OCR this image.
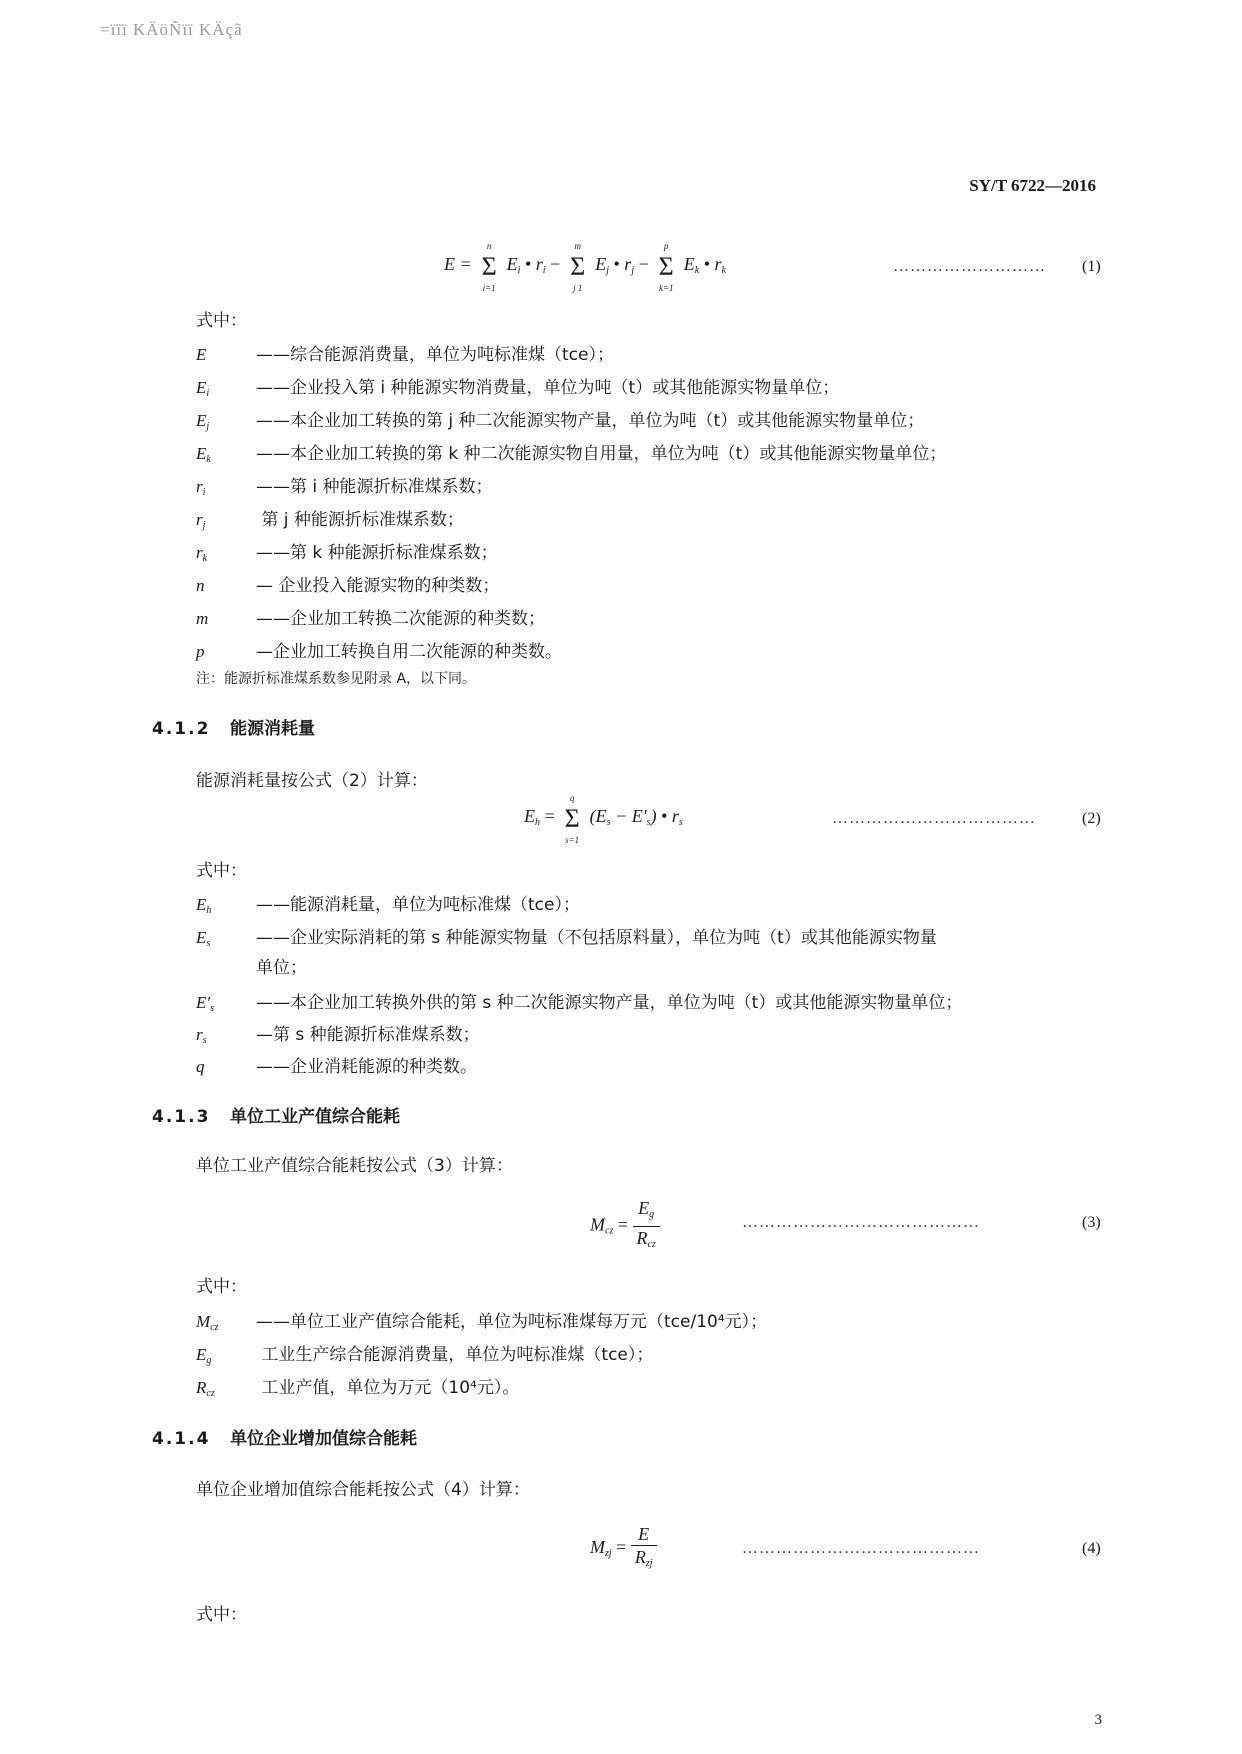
=ïïï KÄöÑïï KÄçã
SY/T 6722—2016
E = Σ
n
i=1
$E_i$ • $r_i - \Sigma$
m
j 1
$E_j$ • $r_j - \Sigma$
p
k=1
$E_k$ • $r_k$	……………………… (1)
式中：
E	——综合能源消费量，单位为吨标准煤（tce）；
Ei	——企业投入第 i 种能源实物消费量，单位为吨（t）或其他能源实物量单位；
Ej	——本企业加工转换的第 j 种二次能源实物产量，单位为吨（t）或其他能源实物量单位；
Ek	——本企业加工转换的第 k 种二次能源实物自用量，单位为吨（t）或其他能源实物量单位；
ri	——第 i 种能源折标准煤系数；
rj	第 j 种能源折标准煤系数；
rk	——第 k 种能源折标准煤系数；
n	— 企业投入能源实物的种类数；
m	——企业加工转换二次能源的种类数；
p	—企业加工转换自用二次能源的种类数。
注：能源折标准煤系数参见附录 A，以下同。
4.1.2 能源消耗量
能源消耗量按公式（2）计算：
$E_h = \Sigma$
q
s=1
$(E_s - E'_s)$ • $r_s$	………………………………	(2)
式中：
Eh	——能源消耗量，单位为吨标准煤（tce）；
Es	——企业实际消耗的第 s 种能源实物量（不包括原料量），单位为吨（t）或其他能源实物量
单位；
E′s ——本企业加工转换外供的第 s 种二次能源实物产量，单位为吨（t）或其他能源实物量单位；
rs	—第 s 种能源折标准煤系数；
q	——企业消耗能源的种类数。
4.1.3 单位工业产值综合能耗
单位工业产值综合能耗按公式（3）计算：
$M_{cz} = \frac{E_g}{R_{cz}}$	……………………………………	(3)
式中：
Mcz ——单位工业产值综合能耗，单位为吨标准煤每万元（tce/10⁴元）；
Eg	工业生产综合能源消费量，单位为吨标准煤（tce）；
Rcz 工业产值，单位为万元（10⁴元）。
4.1.4 单位企业增加值综合能耗
单位企业增加值综合能耗按公式（4）计算：
$M_{zj} = \frac{E}{R_{zj}}$	……………………………………	(4)
式中：
3
